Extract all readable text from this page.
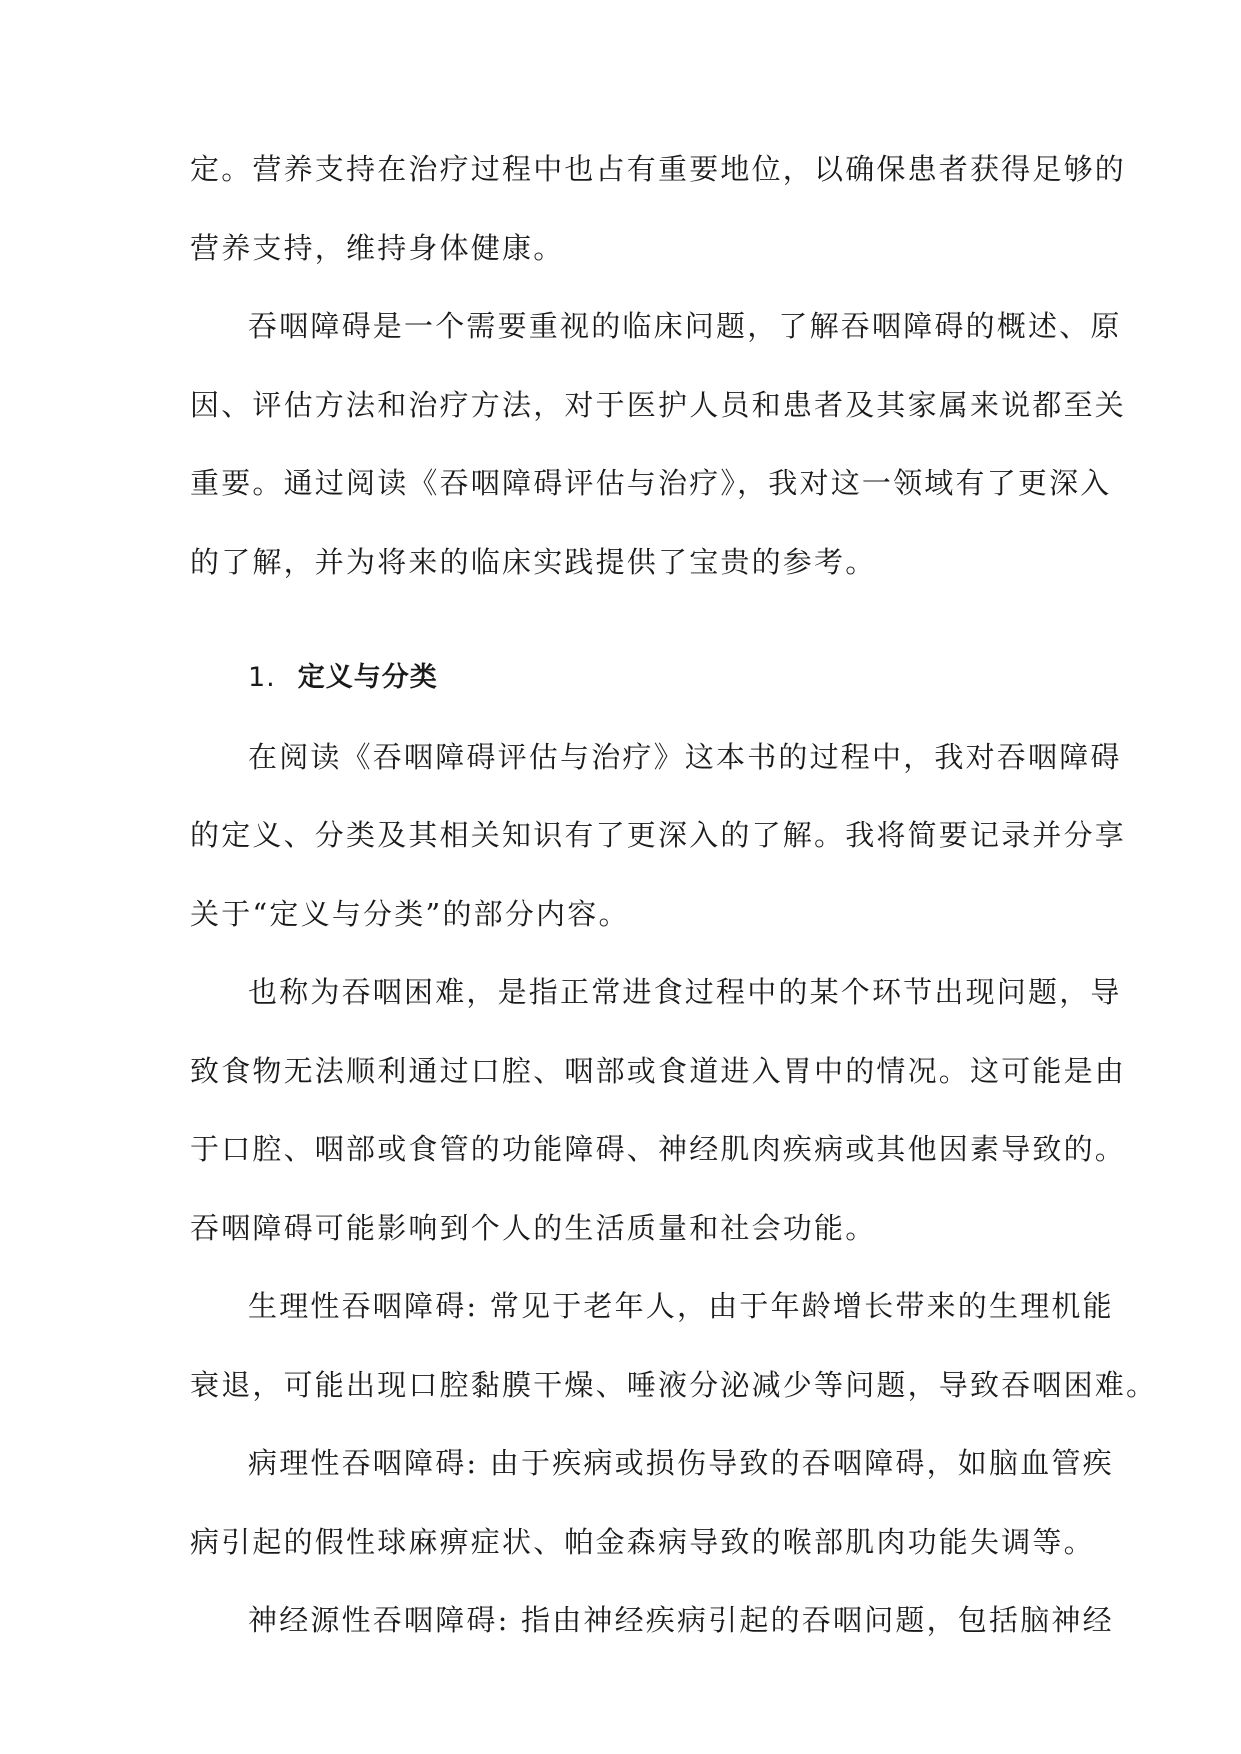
定。营养支持在治疗过程中也占有重要地位，以确保患者获得足够的
营养支持，维持身体健康。
吞咽障碍是一个需要重视的临床问题，了解吞咽障碍的概述、原
因、评估方法和治疗方法，对于医护人员和患者及其家属来说都至关
重要。通过阅读《吞咽障碍评估与治疗》，我对这一领域有了更深入
的了解，并为将来的临床实践提供了宝贵的参考。
1. 定义与分类
在阅读《吞咽障碍评估与治疗》这本书的过程中，我对吞咽障碍
的定义、分类及其相关知识有了更深入的了解。我将简要记录并分享
关于“定义与分类”的部分内容。
也称为吞咽困难，是指正常进食过程中的某个环节出现问题，导
致食物无法顺利通过口腔、咽部或食道进入胃中的情况。这可能是由
于口腔、咽部或食管的功能障碍、神经肌肉疾病或其他因素导致的。
吞咽障碍可能影响到个人的生活质量和社会功能。
生理性吞咽障碍: 常见于老年人，由于年龄增长带来的生理机能
衰退，可能出现口腔黏膜干燥、唾液分泌减少等问题，导致吞咽困难。
病理性吞咽障碍: 由于疾病或损伤导致的吞咽障碍，如脑血管疾
病引起的假性球麻痹症状、帕金森病导致的喉部肌肉功能失调等。
神经源性吞咽障碍: 指由神经疾病引起的吞咽问题，包括脑神经
